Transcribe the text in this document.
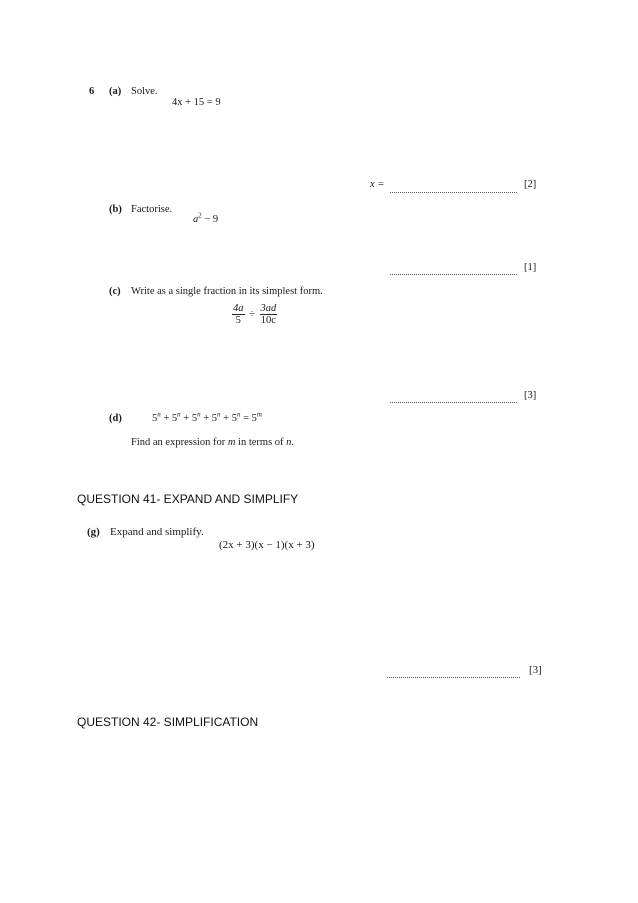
6 (a) Solve.
4x + 15 = 9
x =	[2]
(b) Factorise.
$a^2 - 9$
[1]
(c) Write as a single fraction in its simplest form.
$\frac{4a}{5} \div \frac{3ad}{10c}$
[3]
(d)	$5^n + 5^n + 5^n + 5^n + 5^n = 5^m$
Find an expression for m in terms of n.
QUESTION 41- EXPAND AND SIMPLIFY
(g) Expand and simplify.
(2x + 3)(x − 1)(x + 3)
[3]
QUESTION 42- SIMPLIFICATION
